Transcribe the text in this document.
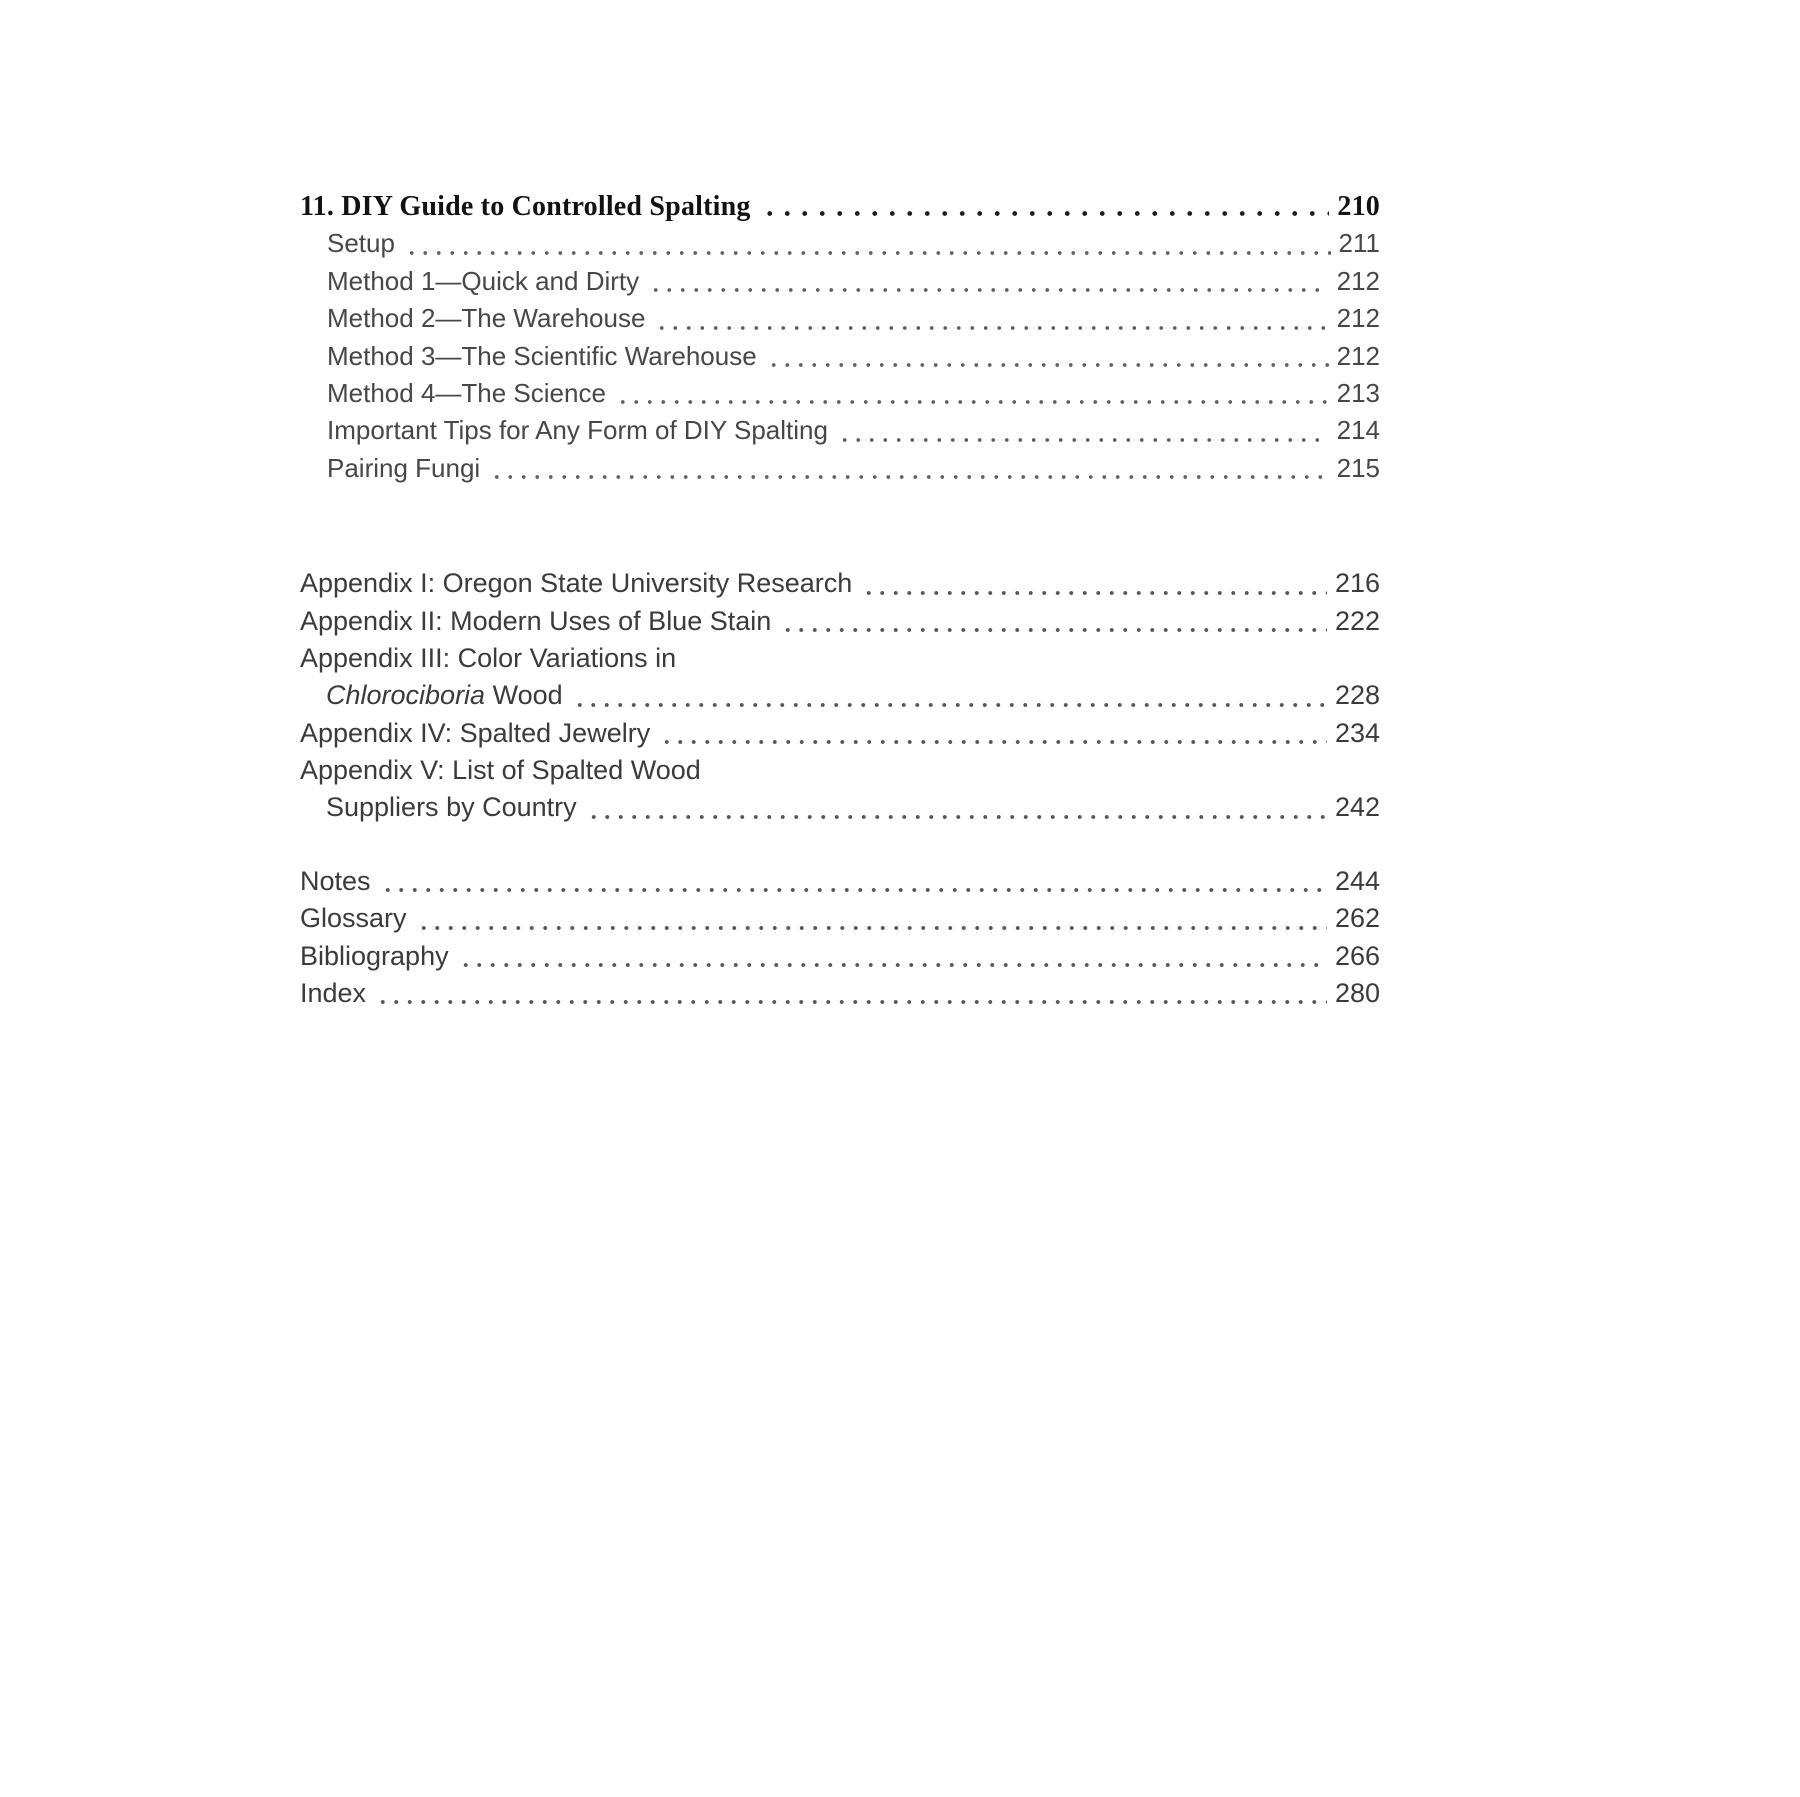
11. DIY Guide to Controlled Spalting	210
Setup	211
Method 1—Quick and Dirty	212
Method 2—The Warehouse	212
Method 3—The Scientific Warehouse	212
Method 4—The Science	213
Important Tips for Any Form of DIY Spalting	214
Pairing Fungi	215
Appendix I: Oregon State University Research	216
Appendix II: Modern Uses of Blue Stain	222
Appendix III: Color Variations in
Chlorociboria Wood	228
Appendix IV: Spalted Jewelry	234
Appendix V: List of Spalted Wood
Suppliers by Country	242
Notes	244
Glossary	262
Bibliography	266
Index	280
